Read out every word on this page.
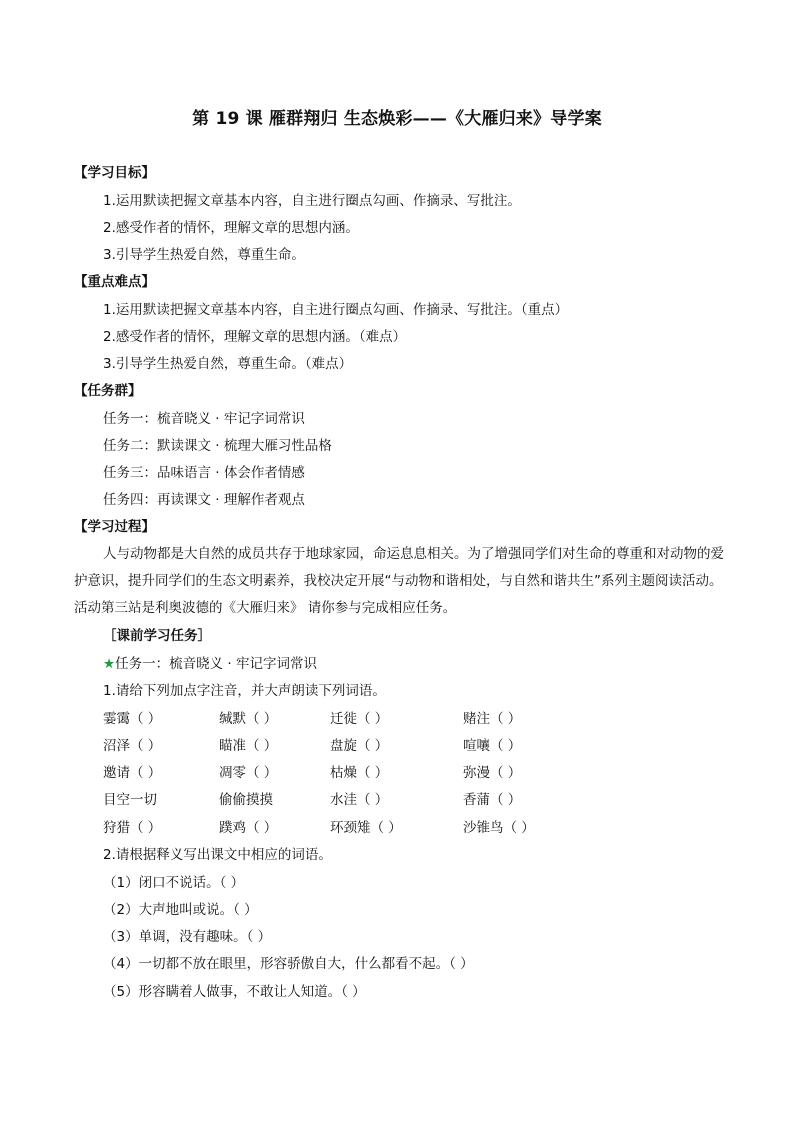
第 19 课 雁群翔归 生态焕彩——《大雁归来》导学案
【学习目标】
1.运用默读把握文章基本内容，自主进行圈点勾画、作摘录、写批注。
2.感受作者的情怀，理解文章的思想内涵。
3.引导学生热爱自然，尊重生命。
【重点难点】
1.运用默读把握文章基本内容，自主进行圈点勾画、作摘录、写批注。（重点）
2.感受作者的情怀，理解文章的思想内涵。（难点）
3.引导学生热爱自然，尊重生命。（难点）
【任务群】
任务一：梳音晓义 · 牢记字词常识
任务二：默读课文 · 梳理大雁习性品格
任务三：品味语言 · 体会作者情感
任务四：再读课文 · 理解作者观点
【学习过程】
人与动物都是大自然的成员共存于地球家园，命运息息相关。为了增强同学们对生命的尊重和对动物的爱护意识，提升同学们的生态文明素养，我校决定开展“与动物和谐相处，与自然和谐共生”系列主题阅读活动。活动第三站是利奥波德的《大雁归来》 请你参与完成相应任务。
［课前学习任务］
★任务一：梳音晓义 · 牢记字词常识
1.请给下列加点字注音，并大声朗读下列词语。
霎霭（ ）	缄默（ ）	迁徙（ ）	赌注（ ）
沼泽（ ）	瞄准（ ）	盘旋（ ）	喧嚷（ ）
邀请（ ）	凋零（ ）	枯燥（ ）	弥漫（ ）
目空一切	偷偷摸摸	水洼（ ）	香蒲（ ）
狩猎（ ）	蹼鸡（ ）	环颈雉（ ）	沙锥鸟（ ）
2.请根据释义写出课文中相应的词语。
（1）闭口不说话。（ ）
（2）大声地叫或说。（ ）
（3）单调，没有趣味。（ ）
（4）一切都不放在眼里，形容骄傲自大，什么都看不起。（ ）
（5）形容瞒着人做事，不敢让人知道。（ ）
